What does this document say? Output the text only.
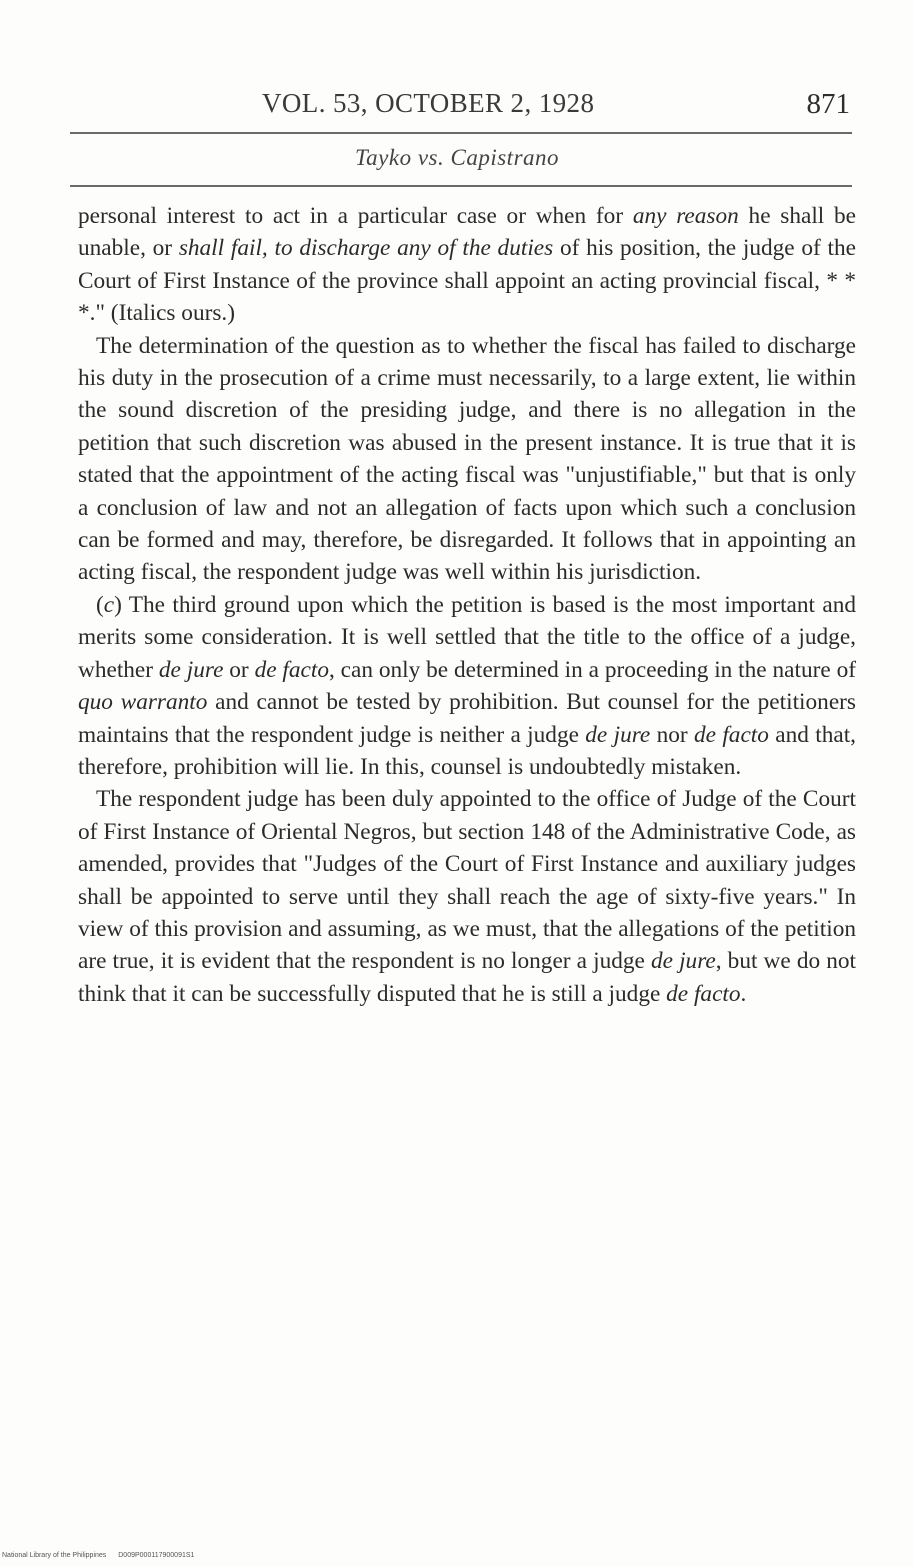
VOL. 53, OCTOBER 2, 1928	871
Tayko vs. Capistrano

personal interest to act in a particular case or when for any reason he shall be unable, or shall fail, to discharge any of the duties of his position, the judge of the Court of First Instance of the province shall appoint an acting provincial fiscal, * * *." (Italics ours.)

The determination of the question as to whether the fiscal has failed to discharge his duty in the prosecution of a crime must necessarily, to a large extent, lie within the sound discretion of the presiding judge, and there is no allegation in the petition that such discretion was abused in the present instance. It is true that it is stated that the appointment of the acting fiscal was "unjustifiable," but that is only a conclusion of law and not an allegation of facts upon which such a conclusion can be formed and may, therefore, be disregarded. It follows that in appointing an acting fiscal, the respondent judge was well within his jurisdiction.

(c) The third ground upon which the petition is based is the most important and merits some consideration. It is well settled that the title to the office of a judge, whether de jure or de facto, can only be determined in a proceeding in the nature of quo warranto and cannot be tested by prohibition. But counsel for the petitioners maintains that the respondent judge is neither a judge de jure nor de facto and that, therefore, prohibition will lie. In this, counsel is undoubtedly mistaken.

The respondent judge has been duly appointed to the office of Judge of the Court of First Instance of Oriental Negros, but section 148 of the Administrative Code, as amended, provides that "Judges of the Court of First Instance and auxiliary judges shall be appointed to serve until they shall reach the age of sixty-five years." In view of this provision and assuming, as we must, that the allegations of the petition are true, it is evident that the respondent is no longer a judge de jure, but we do not think that it can be successfully disputed that he is still a judge de facto.

National Library of the Philippines D009P000117900091S1
